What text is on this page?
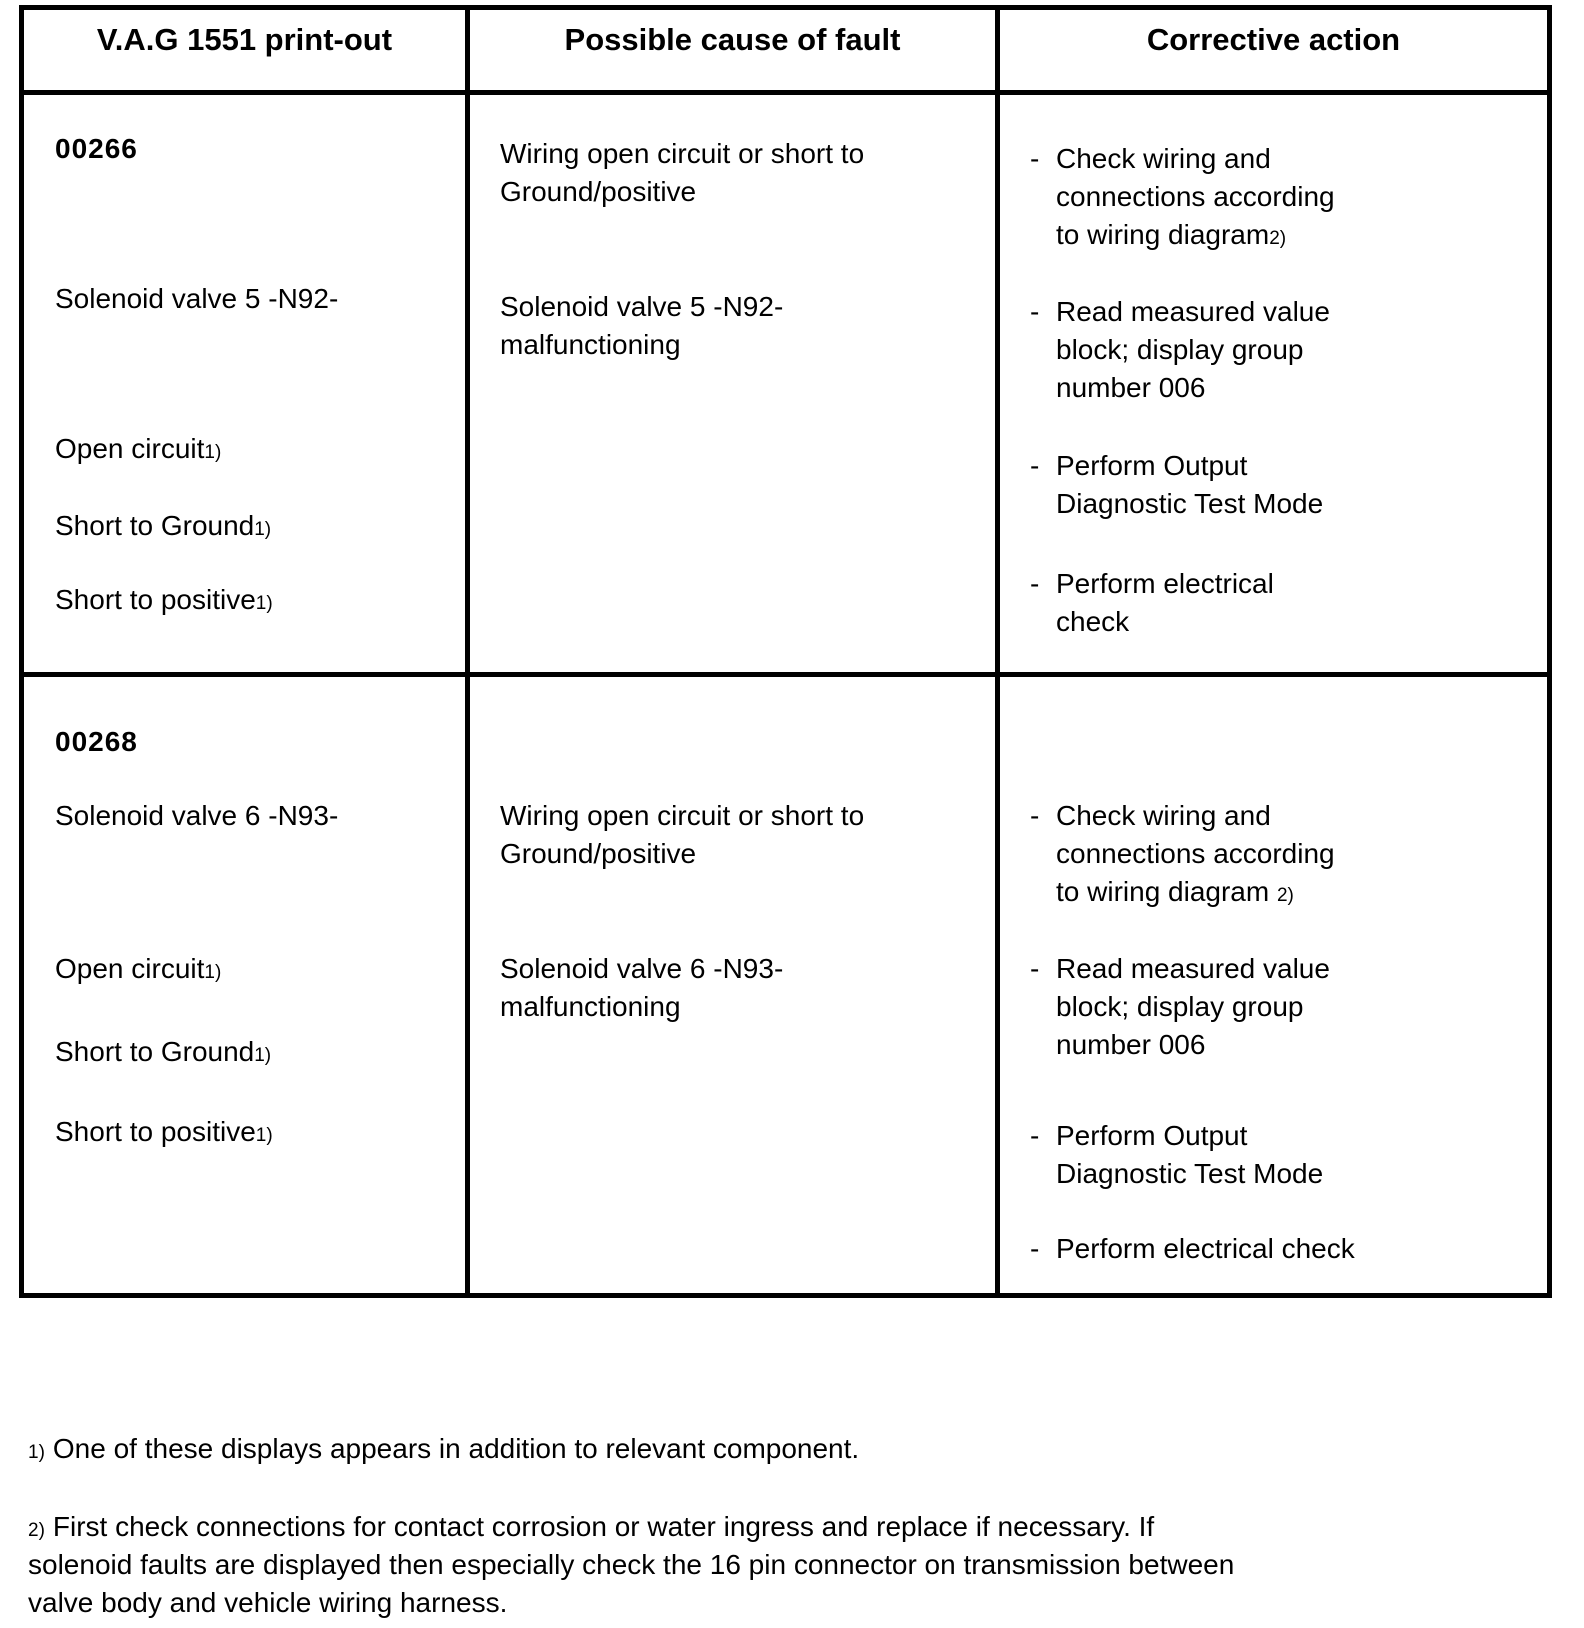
V.A.G 1551 print-out	Possible cause of fault	Corrective action
00266
Solenoid valve 5 -N92-
Open circuit$^{1)}$
Short to Ground$^{1)}$
Short to positive$^{1)}$
Wiring open circuit or short to
Ground/positive
Solenoid valve 5 -N92-
malfunctioning
- Check wiring and
connections according
to wiring diagram$^{2)}$
- Read measured value
block; display group
number 006
- Perform Output
Diagnostic Test Mode
- Perform electrical
check
00268
Solenoid valve 6 -N93-
Open circuit$^{1)}$
Short to Ground$^{1)}$
Short to positive$^{1)}$
Wiring open circuit or short to
Ground/positive
Solenoid valve 6 -N93-
malfunctioning
- Check wiring and
connections according
to wiring diagram $^{2)}$
- Read measured value
block; display group
number 006
- Perform Output
Diagnostic Test Mode
- Perform electrical check

$^{1)}$ One of these displays appears in addition to relevant component.

$^{2)}$ First check connections for contact corrosion or water ingress and replace if necessary. If
solenoid faults are displayed then especially check the 16 pin connector on transmission between
valve body and vehicle wiring harness.
